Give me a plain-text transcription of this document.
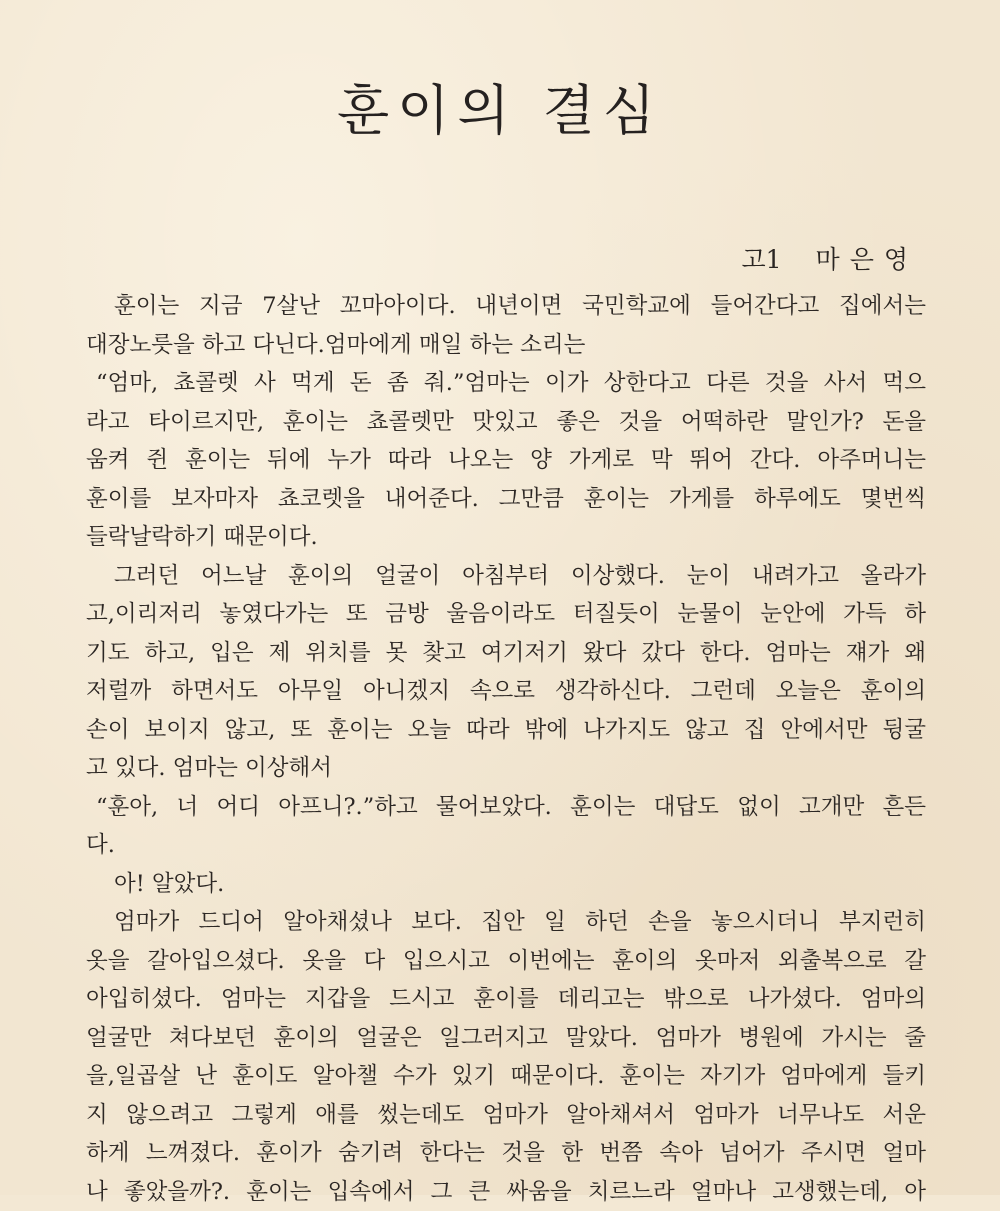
훈이의 결심
고1 마은영
훈이는 지금 7살난 꼬마아이다. 내년이면 국민학교에 들어간다고 집에서는
대장노릇을 하고 다닌다.엄마에게 매일 하는 소리는
“엄마, 쵸콜렛 사 먹게 돈 좀 줘.”엄마는 이가 상한다고 다른 것을 사서 먹으
라고 타이르지만, 훈이는 쵸콜렛만 맛있고 좋은 것을 어떡하란 말인가? 돈을
움켜 쥔 훈이는 뒤에 누가 따라 나오는 양 가게로 막 뛰어 간다. 아주머니는
훈이를 보자마자 쵸코렛을 내어준다. 그만큼 훈이는 가게를 하루에도 몇번씩
들락날락하기 때문이다.
그러던 어느날 훈이의 얼굴이 아침부터 이상했다. 눈이 내려가고 올라가
고,이리저리 놓였다가는 또 금방 울음이라도 터질듯이 눈물이 눈안에 가득 하
기도 하고, 입은 제 위치를 못 찾고 여기저기 왔다 갔다 한다. 엄마는 쟤가 왜
저럴까 하면서도 아무일 아니겠지 속으로 생각하신다. 그런데 오늘은 훈이의
손이 보이지 않고, 또 훈이는 오늘 따라 밖에 나가지도 않고 집 안에서만 뒹굴
고 있다. 엄마는 이상해서
“훈아, 너 어디 아프니?.”하고 물어보았다. 훈이는 대답도 없이 고개만 흔든
다.
아! 알았다.
엄마가 드디어 알아채셨나 보다. 집안 일 하던 손을 놓으시더니 부지런히
옷을 갈아입으셨다. 옷을 다 입으시고 이번에는 훈이의 옷마저 외출복으로 갈
아입히셨다. 엄마는 지갑을 드시고 훈이를 데리고는 밖으로 나가셨다. 엄마의
얼굴만 쳐다보던 훈이의 얼굴은 일그러지고 말았다. 엄마가 병원에 가시는 줄
을,일곱살 난 훈이도 알아챌 수가 있기 때문이다. 훈이는 자기가 엄마에게 들키
지 않으려고 그렇게 애를 썼는데도 엄마가 알아채셔서 엄마가 너무나도 서운
하게 느껴졌다. 훈이가 숨기려 한다는 것을 한 번쯤 속아 넘어가 주시면 얼마
나 좋았을까?. 훈이는 입속에서 그 큰 싸움을 치르느라 얼마나 고생했는데, 아
